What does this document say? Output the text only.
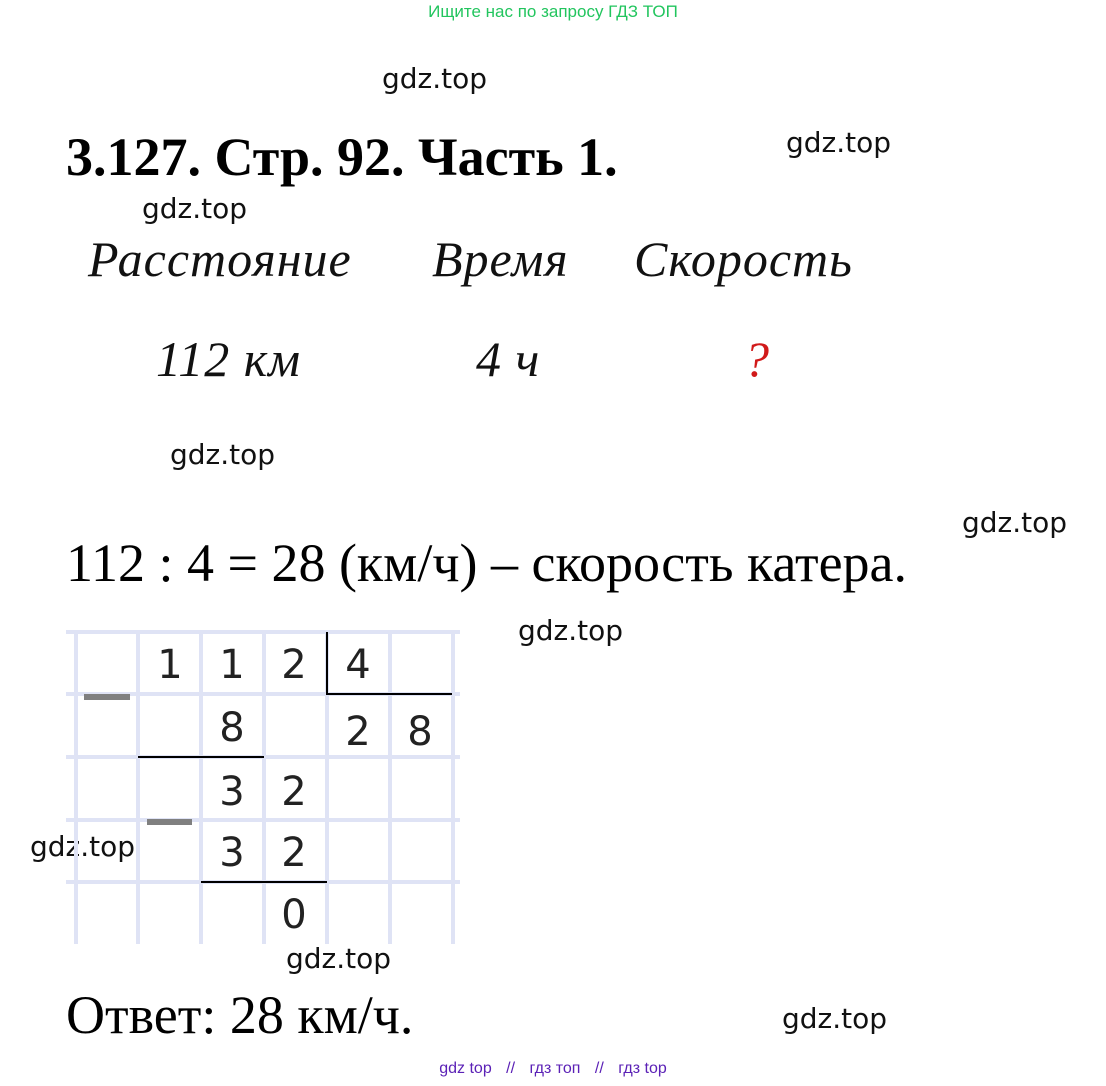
Ищите нас по запросу ГДЗ ТОП
gdz.top
gdz.top
gdz.top
gdz.top
gdz.top
gdz.top
gdz.top
gdz.top
gdz.top
3.127. Стр. 92. Часть 1.
Расстояние Время Скорость
112 км	4 ч	?
112 : 4 = 28 (км/ч) – скорость катера.
1 1 2 4
8	2 8
3 2
3 2
0
Ответ: 28 км/ч.
gdz top // гдз топ // гдз top
